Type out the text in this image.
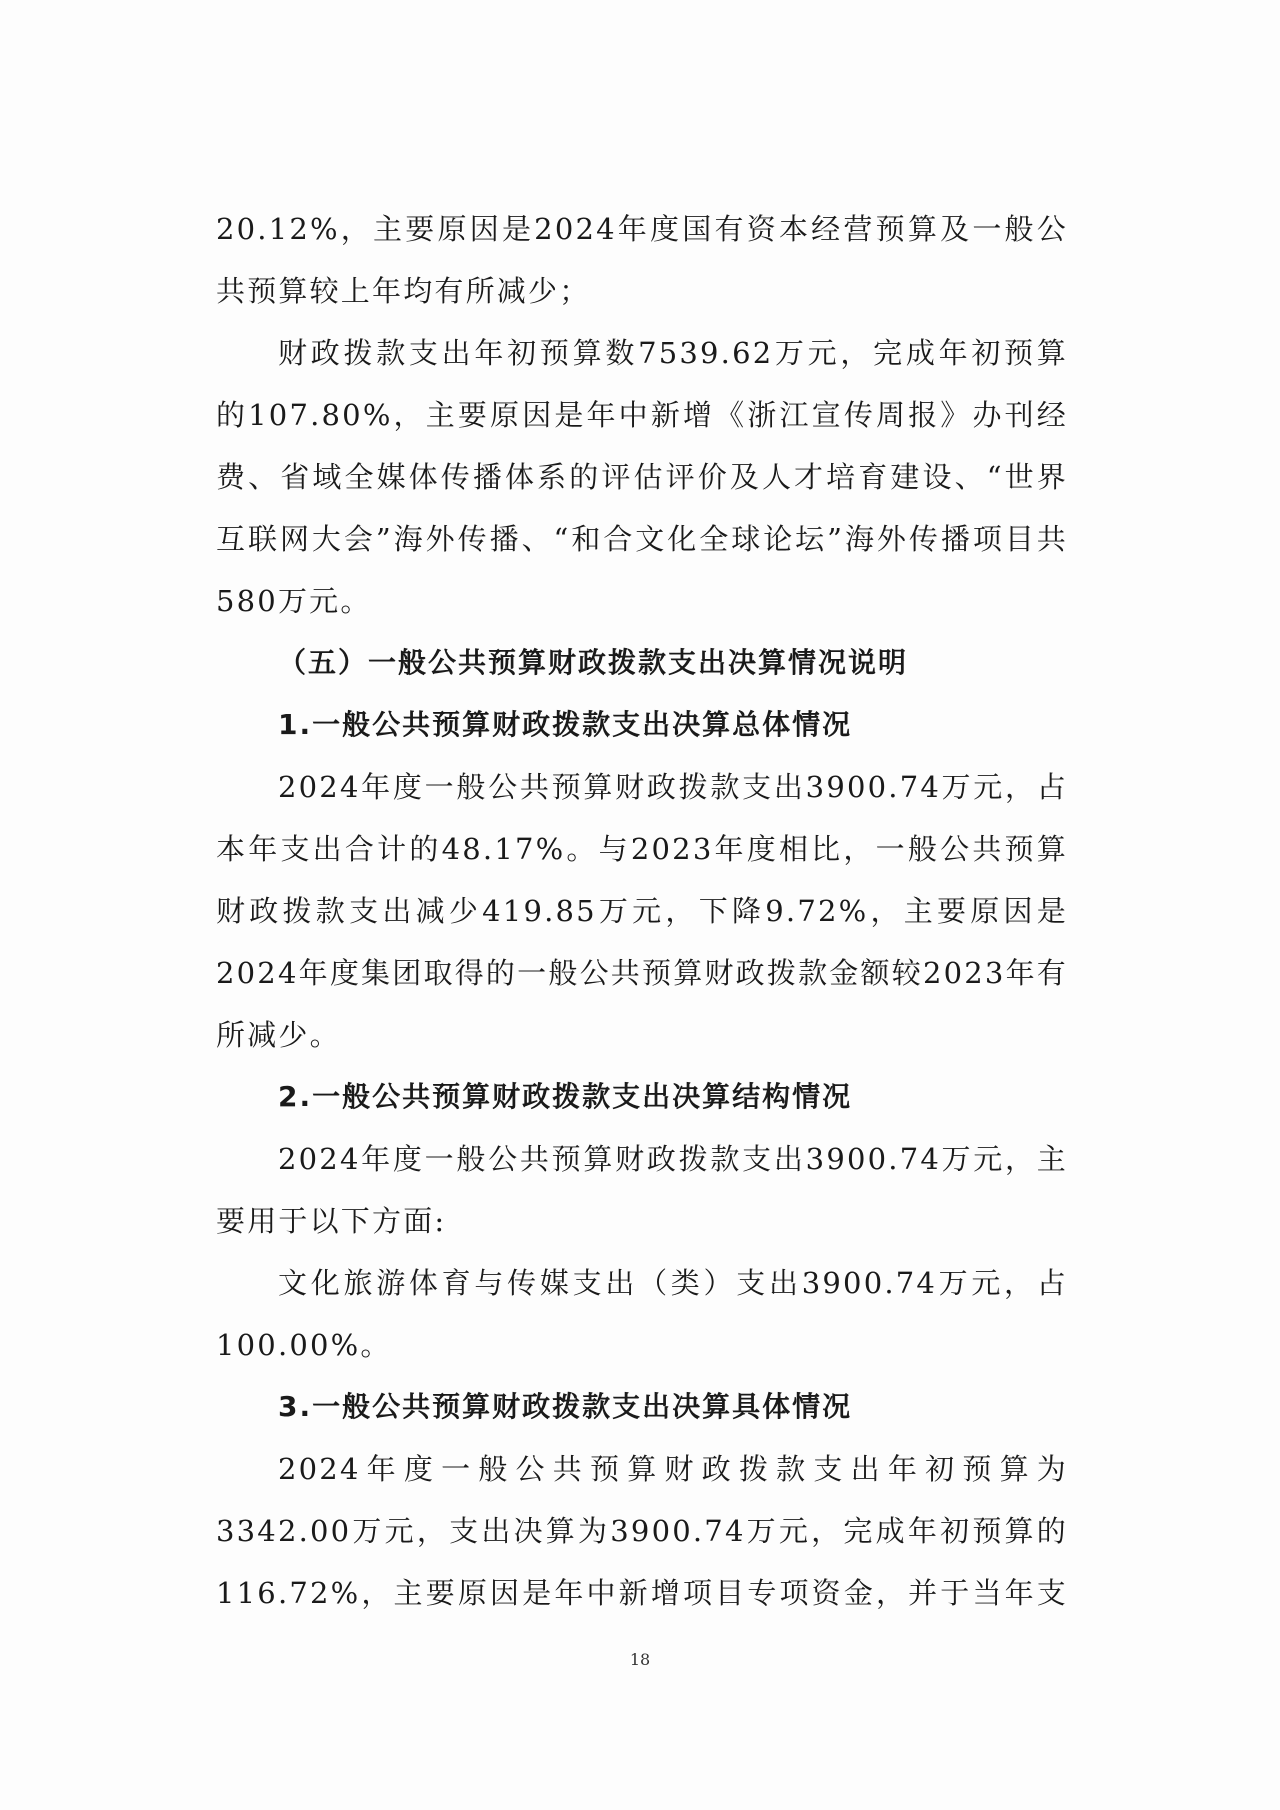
20.12%，主要原因是2024年度国有资本经营预算及一般公共预算较上年均有所减少；

财政拨款支出年初预算数7539.62万元，完成年初预算的107.80%，主要原因是年中新增《浙江宣传周报》办刊经费、省域全媒体传播体系的评估评价及人才培育建设、“世界互联网大会”海外传播、“和合文化全球论坛”海外传播项目共580万元。

（五）一般公共预算财政拨款支出决算情况说明
1.一般公共预算财政拨款支出决算总体情况

2024年度一般公共预算财政拨款支出3900.74万元，占本年支出合计的48.17%。与2023年度相比，一般公共预算财政拨款支出减少419.85万元，下降9.72%，主要原因是2024年度集团取得的一般公共预算财政拨款金额较2023年有所减少。

2.一般公共预算财政拨款支出决算结构情况

2024年度一般公共预算财政拨款支出3900.74万元，主要用于以下方面:

文化旅游体育与传媒支出（类）支出3900.74万元，占100.00%。

3.一般公共预算财政拨款支出决算具体情况

2024年度一般公共预算财政拨款支出年初预算为3342.00万元，支出决算为3900.74万元，完成年初预算的116.72%，主要原因是年中新增项目专项资金，并于当年支

18
